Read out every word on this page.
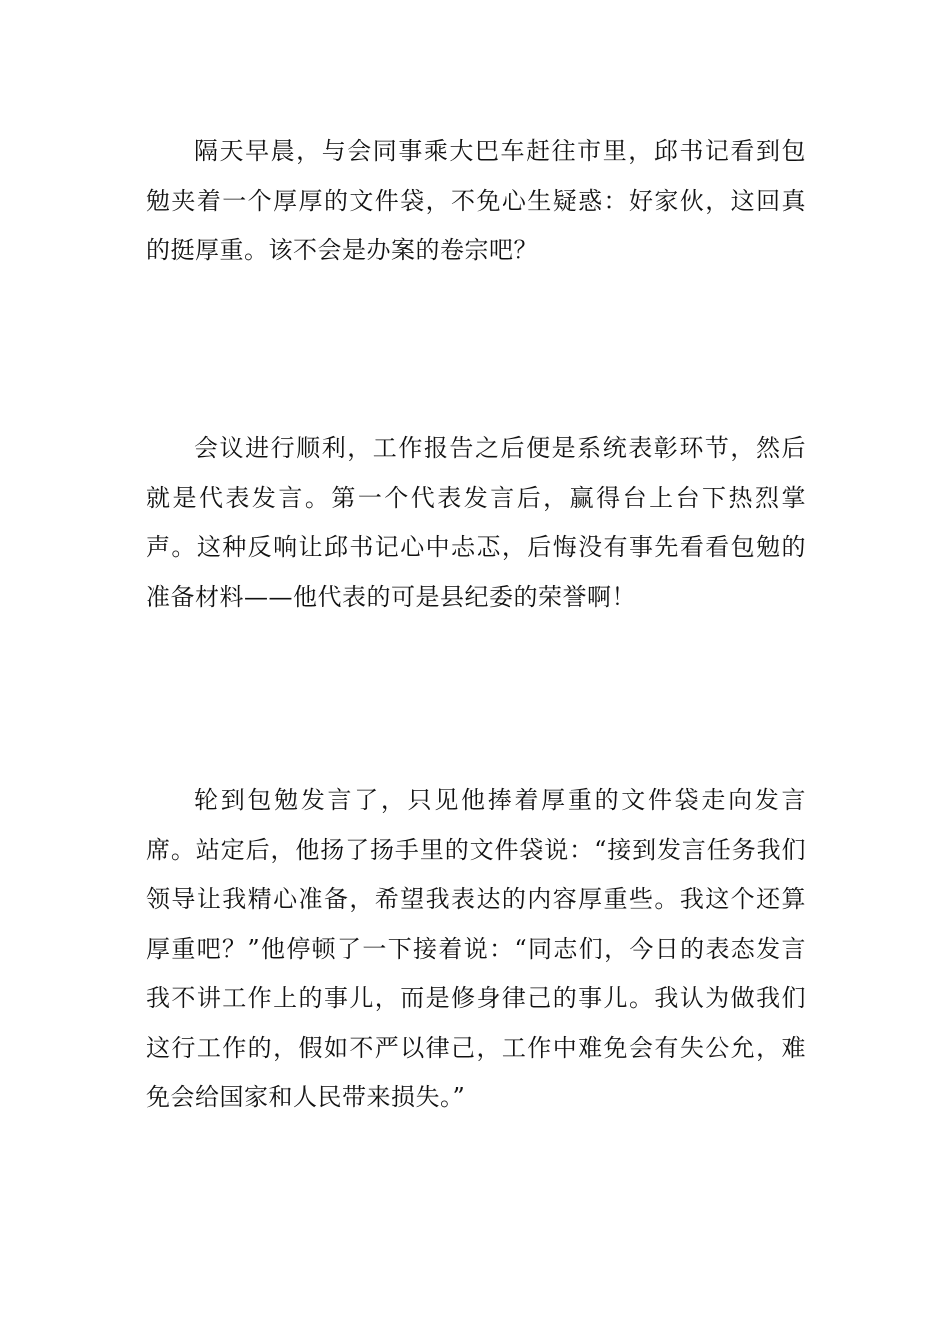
隔天早晨，与会同事乘大巴车赶往市里，邱书记看到包勉夹着一个厚厚的文件袋，不免心生疑惑：好家伙，这回真的挺厚重。该不会是办案的卷宗吧？

会议进行顺利，工作报告之后便是系统表彰环节，然后就是代表发言。第一个代表发言后，赢得台上台下热烈掌声。这种反响让邱书记心中忐忑，后悔没有事先看看包勉的准备材料——他代表的可是县纪委的荣誉啊！

轮到包勉发言了，只见他捧着厚重的文件袋走向发言席。站定后，他扬了扬手里的文件袋说：“接到发言任务我们领导让我精心准备，希望我表达的内容厚重些。我这个还算厚重吧？”他停顿了一下接着说：“同志们，今日的表态发言我不讲工作上的事儿，而是修身律己的事儿。我认为做我们这行工作的，假如不严以律己，工作中难免会有失公允，难免会给国家和人民带来损失。”
